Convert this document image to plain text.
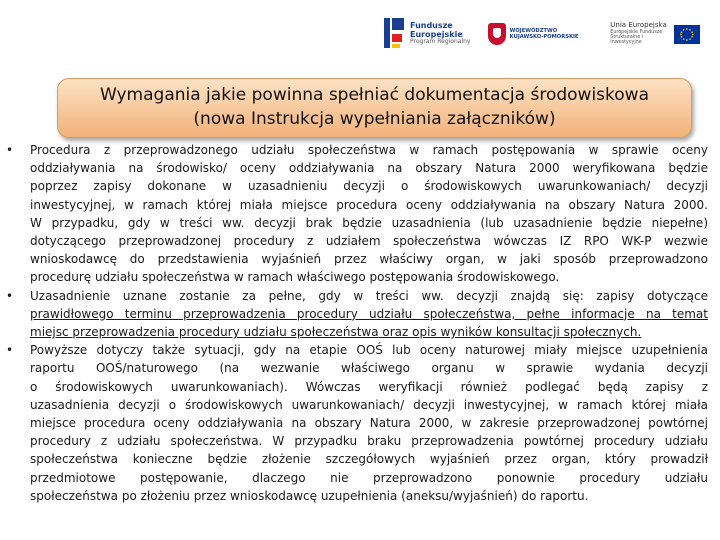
Fundusze
Europejskie
Program Regionalny
WOJEWÓDZTWO
KUJAWSKO-POMORSKIE
Unia Europejska
Europejskie Fundusze
Strukturalne i Inwestycyjne
Wymagania jakie powinna spełniać dokumentacja środowiskowa
(nowa Instrukcja wypełniania załączników)
• Procedura z przeprowadzonego udziału społeczeństwa w ramach postępowania w sprawie oceny
oddziaływania na środowisko/ oceny oddziaływania na obszary Natura 2000 weryfikowana będzie
poprzez zapisy dokonane w uzasadnieniu decyzji o środowiskowych uwarunkowaniach/ decyzji
inwestycyjnej, w ramach której miała miejsce procedura oceny oddziaływania na obszary Natura 2000.
W przypadku, gdy w treści ww. decyzji brak będzie uzasadnienia (lub uzasadnienie będzie niepełne)
dotyczącego przeprowadzonej procedury z udziałem społeczeństwa wówczas IZ RPO WK-P wezwie
wnioskodawcę do przedstawienia wyjaśnień przez właściwy organ, w jaki sposób przeprowadzono
procedurę udziału społeczeństwa w ramach właściwego postępowania środowiskowego.
• Uzasadnienie uznane zostanie za pełne, gdy w treści ww. decyzji znajdą się: zapisy dotyczące
prawidłowego terminu przeprowadzenia procedury udziału społeczeństwa, pełne informacje na temat
miejsc przeprowadzenia procedury udziału społeczeństwa oraz opis wyników konsultacji społecznych.
• Powyższe dotyczy także sytuacji, gdy na etapie OOŚ lub oceny naturowej miały miejsce uzupełnienia
raportu OOŚ/naturowego (na wezwanie właściwego organu w sprawie wydania decyzji
o środowiskowych uwarunkowaniach). Wówczas weryfikacji również podlegać będą zapisy z
uzasadnienia decyzji o środowiskowych uwarunkowaniach/ decyzji inwestycyjnej, w ramach której miała
miejsce procedura oceny oddziaływania na obszary Natura 2000, w zakresie przeprowadzonej powtórnej
procedury z udziału społeczeństwa. W przypadku braku przeprowadzenia powtórnej procedury udziału
społeczeństwa konieczne będzie złożenie szczegółowych wyjaśnień przez organ, który prowadził
przedmiotowe postępowanie, dlaczego nie przeprowadzono ponownie procedury udziału
społeczeństwa po złożeniu przez wnioskodawcę uzupełnienia (aneksu/wyjaśnień) do raportu.
